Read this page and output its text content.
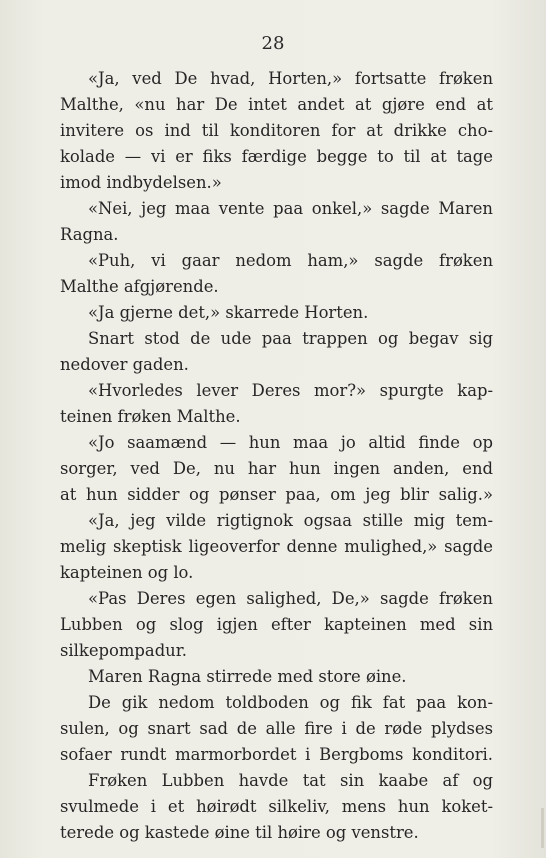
28

«Ja, ved De hvad, Horten,» fortsatte frøken
Malthe, «nu har De intet andet at gjøre end at
invitere os ind til konditoren for at drikke cho-
kolade — vi er fiks færdige begge to til at tage
imod indbydelsen.»

«Nei, jeg maa vente paa onkel,» sagde Maren
Ragna.

«Puh, vi gaar nedom ham,» sagde frøken
Malthe afgjørende.

«Ja gjerne det,» skarrede Horten.

Snart stod de ude paa trappen og begav sig
nedover gaden.

«Hvorledes lever Deres mor?» spurgte kap-
teinen frøken Malthe.

«Jo saamænd — hun maa jo altid finde op
sorger, ved De, nu har hun ingen anden, end
at hun sidder og pønser paa, om jeg blir salig.»

«Ja, jeg vilde rigtignok ogsaa stille mig tem-
melig skeptisk ligeoverfor denne mulighed,» sagde
kapteinen og lo.

«Pas Deres egen salighed, De,» sagde frøken
Lubben og slog igjen efter kapteinen med sin
silkepompadur.

Maren Ragna stirrede med store øine.

De gik nedom toldboden og fik fat paa kon-
sulen, og snart sad de alle fire i de røde plydses
sofaer rundt marmorbordet i Bergboms konditori.

Frøken Lubben havde tat sin kaabe af og
svulmede i et høirødt silkeliv, mens hun koket-
terede og kastede øine til høire og venstre.
